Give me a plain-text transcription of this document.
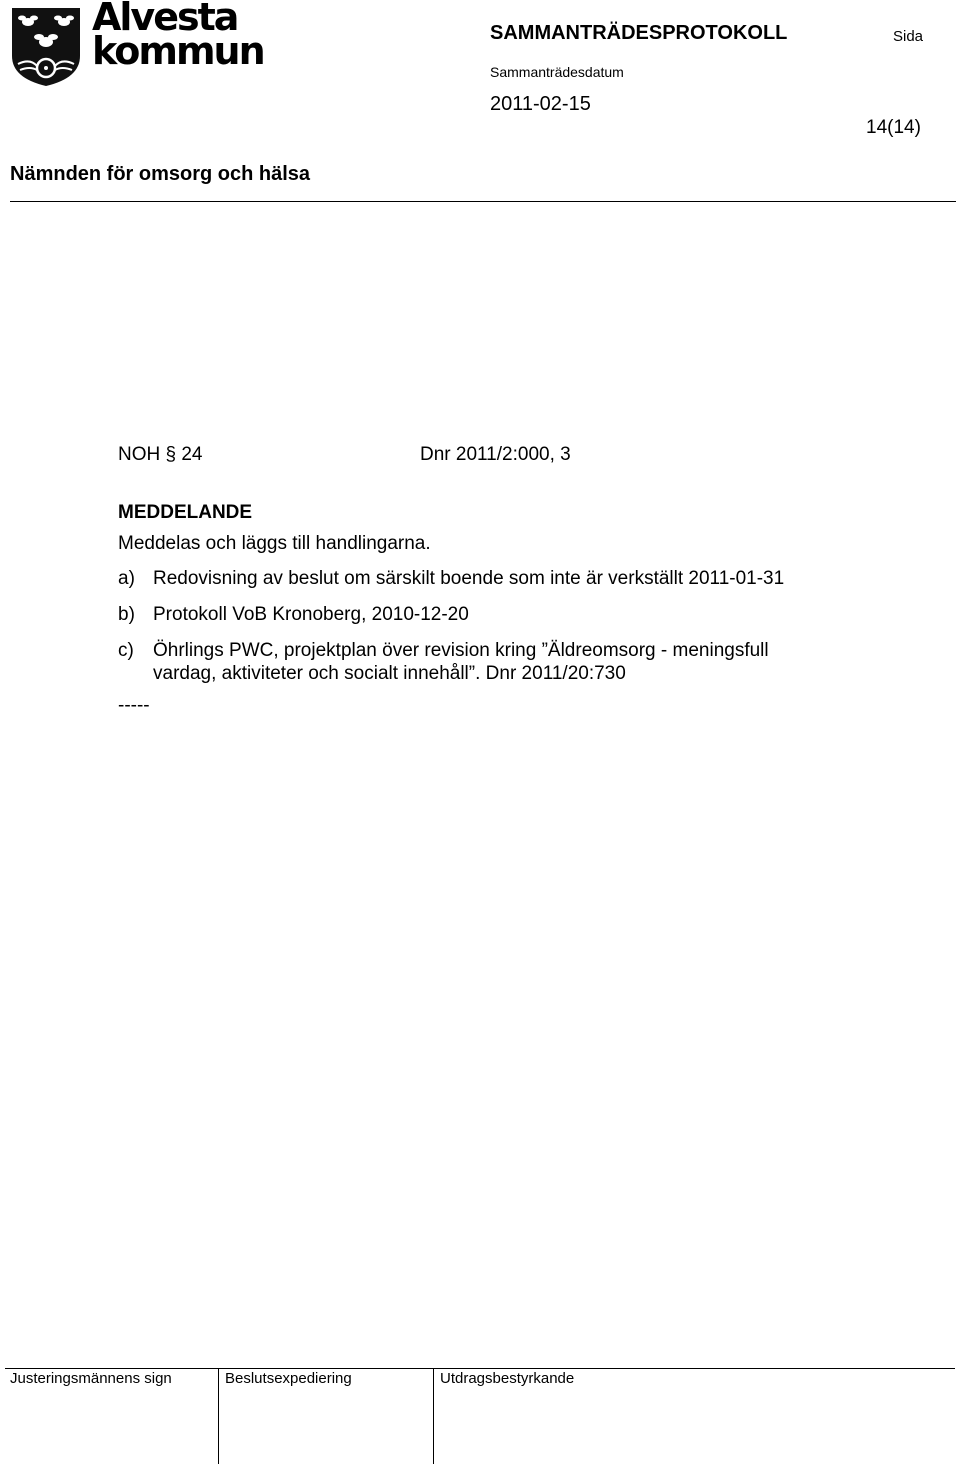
Alvesta
kommun	SAMMANTRÄDESPROTOKOLL	Sida
Sammanträdesdatum
2011-02-15
14(14)
Nämnden för omsorg och hälsa
NOH § 24	Dnr 2011/2:000, 3
MEDDELANDE
Meddelas och läggs till handlingarna.
a) Redovisning av beslut om särskilt boende som inte är verkställt 2011-01-31
b) Protokoll VoB Kronoberg, 2010-12-20
c) Öhrlings PWC, projektplan över revision kring ”Äldreomsorg - meningsfull
vardag, aktiviteter och socialt innehåll”. Dnr 2011/20:730
-----
Justeringsmännens sign	Beslutsexpediering	Utdragsbestyrkande
